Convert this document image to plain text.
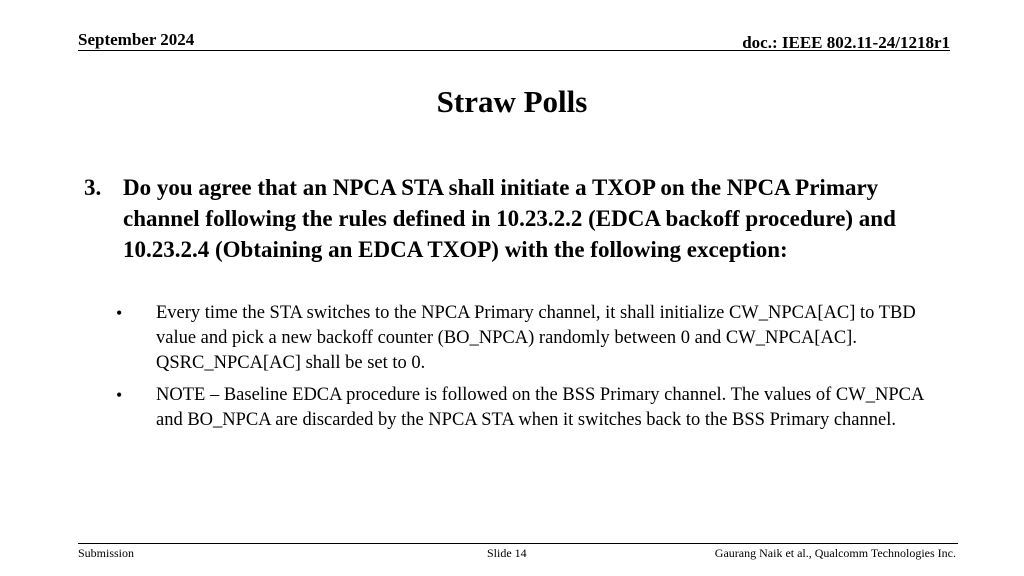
September 2024	doc.: IEEE 802.11-24/1218r1
Straw Polls
3. Do you agree that an NPCA STA shall initiate a TXOP on the NPCA Primary channel following the rules defined in 10.23.2.2 (EDCA backoff procedure) and 10.23.2.4 (Obtaining an EDCA TXOP) with the following exception:
•	Every time the STA switches to the NPCA Primary channel, it shall initialize CW_NPCA[AC] to TBD value and pick a new backoff counter (BO_NPCA) randomly between 0 and CW_NPCA[AC]. QSRC_NPCA[AC] shall be set to 0.
•	NOTE – Baseline EDCA procedure is followed on the BSS Primary channel. The values of CW_NPCA and BO_NPCA are discarded by the NPCA STA when it switches back to the BSS Primary channel.
Submission	Slide 14	Gaurang Naik et al., Qualcomm Technologies Inc.
